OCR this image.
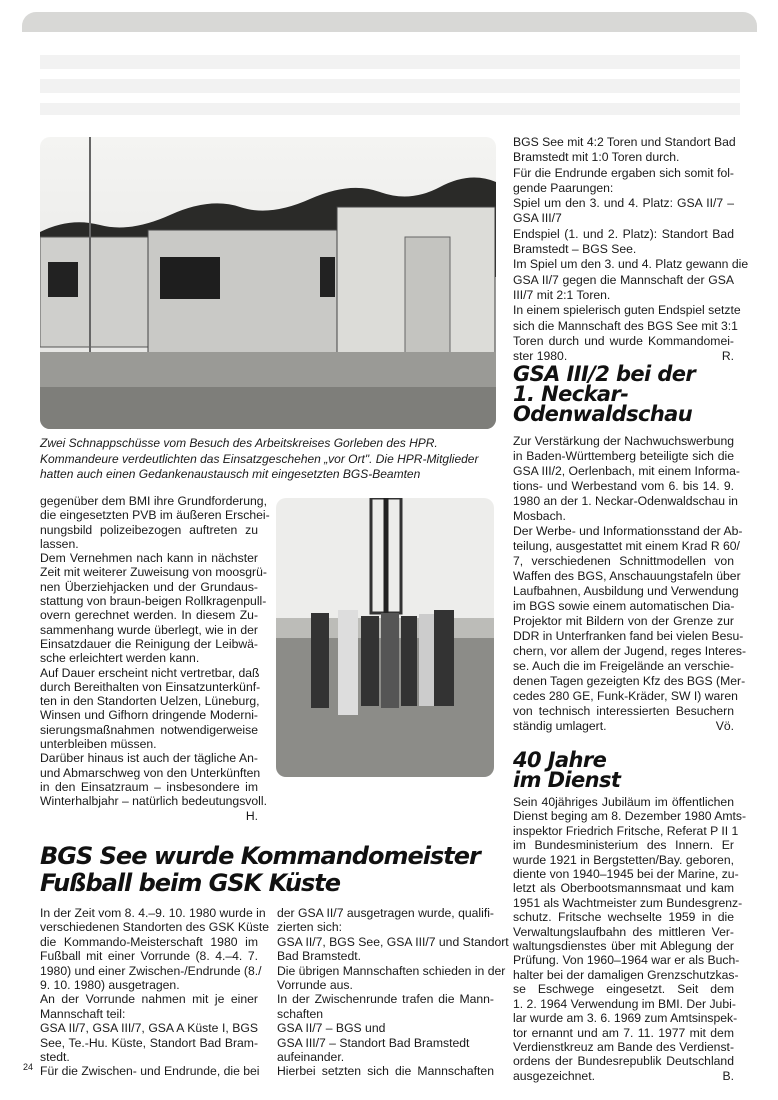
Zwei Schnappschüsse vom Besuch des Arbeitskreises Gorleben des HPR. Kommandeure verdeutlichten das Einsatzgeschehen „vor Ort". Die HPR-Mitglieder hatten auch einen Gedankenaustausch mit eingesetzten BGS-Beamten
gegenüber dem BMI ihre Grundforderung,
die eingesetzten PVB im äußeren Erschei-
nungsbild polizeibezogen auftreten zu
lassen.
Dem Vernehmen nach kann in nächster
Zeit mit weiterer Zuweisung von moosgrü-
nen Überziehjacken und der Grundaus-
stattung von braun-beigen Rollkragenpull-
overn gerechnet werden. In diesem Zu-
sammenhang wurde überlegt, wie in der
Einsatzdauer die Reinigung der Leibwä-
sche erleichtert werden kann.
Auf Dauer erscheint nicht vertretbar, daß
durch Bereithalten von Einsatzunterkünf-
ten in den Standorten Uelzen, Lüneburg,
Winsen und Gifhorn dringende Moderni-
sierungsmaßnahmen notwendigerweise
unterbleiben müssen.
Darüber hinaus ist auch der tägliche An-
und Abmarschweg von den Unterkünften
in den Einsatzraum – insbesondere im
Winterhalbjahr – natürlich bedeutungsvoll.
H.
BGS See wurde Kommandomeister
Fußball beim GSK Küste
In der Zeit vom 8. 4.–9. 10. 1980 wurde in
verschiedenen Standorten des GSK Küste
die Kommando-Meisterschaft 1980 im
Fußball mit einer Vorrunde (8. 4.–4. 7.
1980) und einer Zwischen-/Endrunde (8./
9. 10. 1980) ausgetragen.
An der Vorrunde nahmen mit je einer
Mannschaft teil:
GSA II/7, GSA III/7, GSA A Küste I, BGS
See, Te.-Hu. Küste, Standort Bad Bram-
stedt.
Für die Zwischen- und Endrunde, die bei
der GSA II/7 ausgetragen wurde, qualifi-
zierten sich:
GSA II/7, BGS See, GSA III/7 und Standort
Bad Bramstedt.
Die übrigen Mannschaften schieden in der
Vorrunde aus.
In der Zwischenrunde trafen die Mann-
schaften
GSA II/7 – BGS und
GSA III/7 – Standort Bad Bramstedt
aufeinander.
Hierbei setzten sich die Mannschaften
24
BGS See mit 4:2 Toren und Standort Bad
Bramstedt mit 1:0 Toren durch.
Für die Endrunde ergaben sich somit fol-
gende Paarungen:
Spiel um den 3. und 4. Platz: GSA II/7 –
GSA III/7
Endspiel (1. und 2. Platz): Standort Bad
Bramstedt – BGS See.
Im Spiel um den 3. und 4. Platz gewann die
GSA II/7 gegen die Mannschaft der GSA
III/7 mit 2:1 Toren.
In einem spielerisch guten Endspiel setzte
sich die Mannschaft des BGS See mit 3:1
Toren durch und wurde Kommandomei-
ster 1980.	R.
GSA III/2 bei der
1. Neckar-
Odenwaldschau
Zur Verstärkung der Nachwuchswerbung
in Baden-Württemberg beteiligte sich die
GSA III/2, Oerlenbach, mit einem Informa-
tions- und Werbestand vom 6. bis 14. 9.
1980 an der 1. Neckar-Odenwaldschau in
Mosbach.
Der Werbe- und Informationsstand der Ab-
teilung, ausgestattet mit einem Krad R 60/
7, verschiedenen Schnittmodellen von
Waffen des BGS, Anschauungstafeln über
Laufbahnen, Ausbildung und Verwendung
im BGS sowie einem automatischen Dia-
Projektor mit Bildern von der Grenze zur
DDR in Unterfranken fand bei vielen Besu-
chern, vor allem der Jugend, reges Interes-
se. Auch die im Freigelände an verschie-
denen Tagen gezeigten Kfz des BGS (Mer-
cedes 280 GE, Funk-Kräder, SW I) waren
von technisch interessierten Besuchern
ständig umlagert.	Vö.
40 Jahre
im Dienst
Sein 40jähriges Jubiläum im öffentlichen
Dienst beging am 8. Dezember 1980 Amts-
inspektor Friedrich Fritsche, Referat P II 1
im Bundesministerium des Innern. Er
wurde 1921 in Bergstetten/Bay. geboren,
diente von 1940–1945 bei der Marine, zu-
letzt als Oberbootsmannsmaat und kam
1951 als Wachtmeister zum Bundesgrenz-
schutz. Fritsche wechselte 1959 in die
Verwaltungslaufbahn des mittleren Ver-
waltungsdienstes über mit Ablegung der
Prüfung. Von 1960–1964 war er als Buch-
halter bei der damaligen Grenzschutzkas-
se Eschwege eingesetzt. Seit dem
1. 2. 1964 Verwendung im BMI. Der Jubi-
lar wurde am 3. 6. 1969 zum Amtsinspek-
tor ernannt und am 7. 11. 1977 mit dem
Verdienstkreuz am Bande des Verdienst-
ordens der Bundesrepublik Deutschland
ausgezeichnet.	B.
